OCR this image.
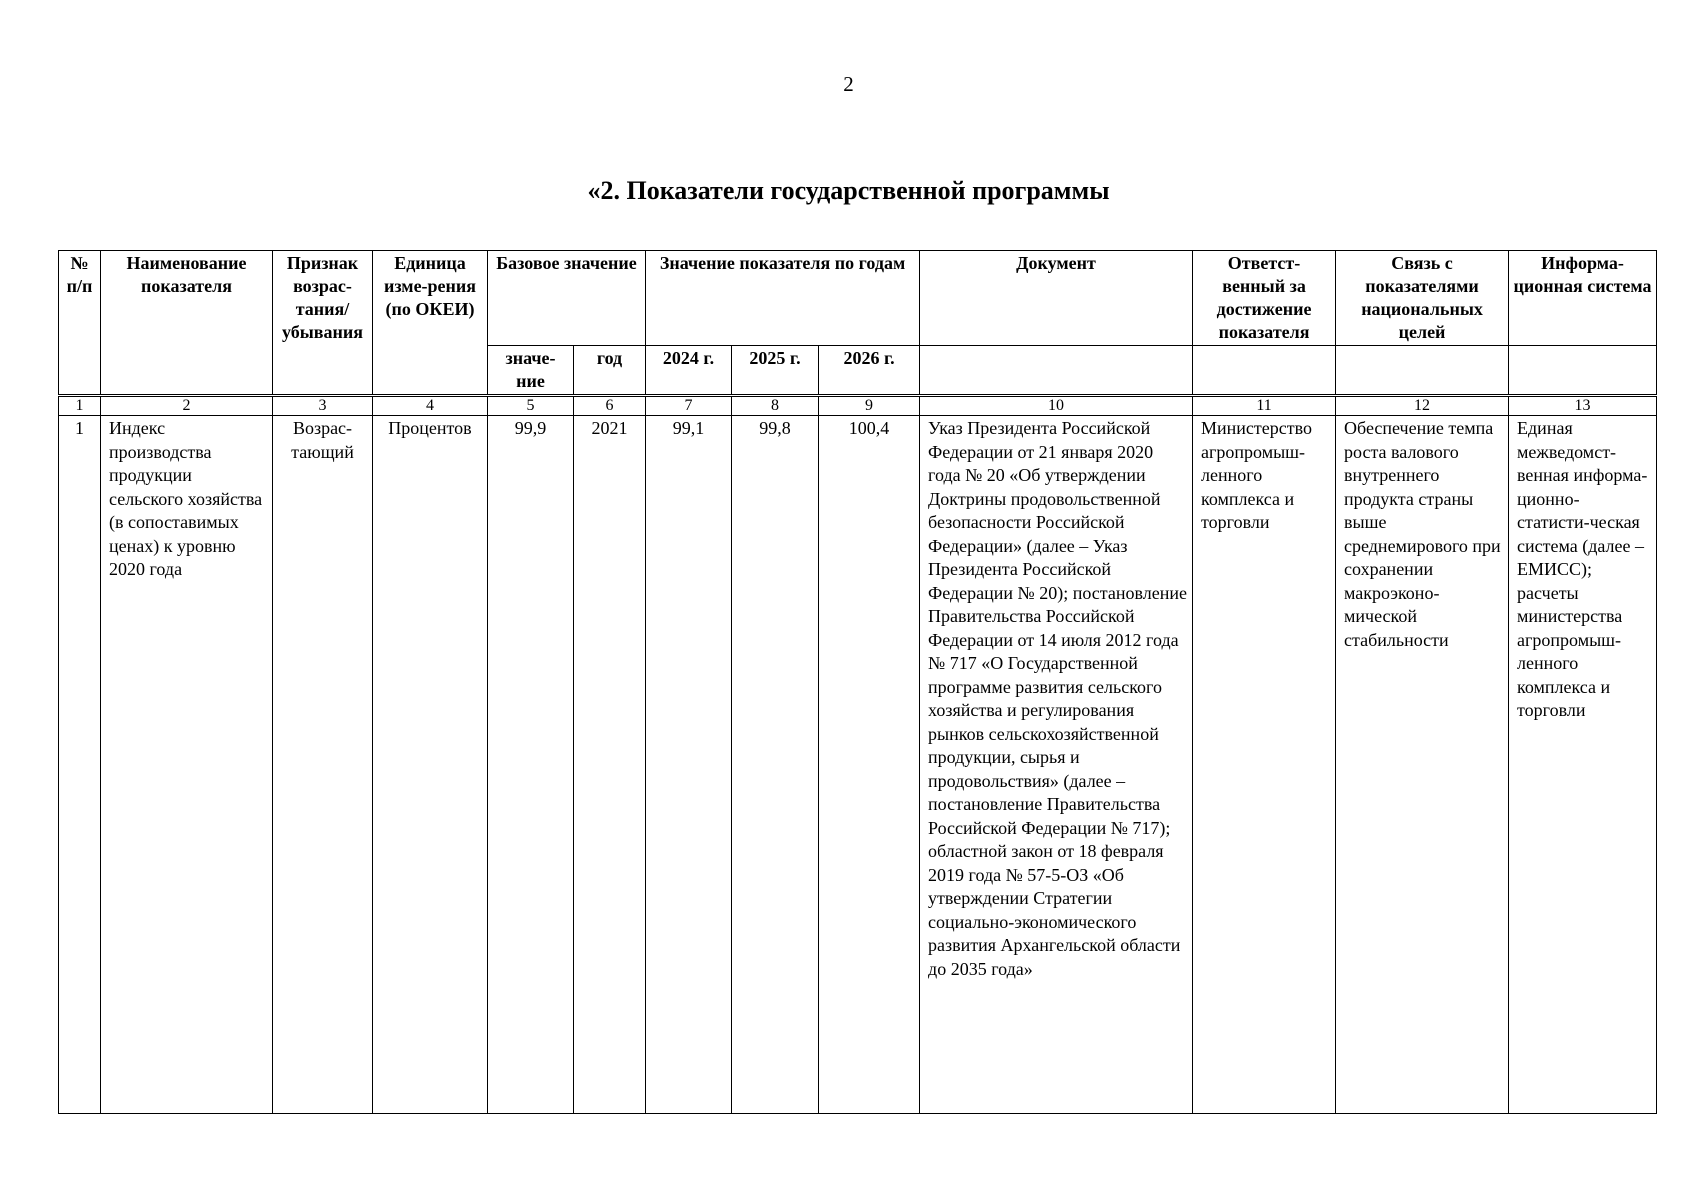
2
«2. Показатели государственной программы
№ п/п	Наименование показателя	Признак возрас-тания/ убывания	Единица изме-рения (по ОКЕИ)	Базовое значение		Значение показателя по годам			Документ	Ответст-венный за достижение показателя	Связь с показателями национальных целей	Информа-ционная система
				значе-ние	год	2024 г.	2025 г.	2026 г.				
1	2	3	4	5	6	7	8	9	10	11	12	13
1	Индекс производства продукции сельского хозяйства (в сопоставимых ценах) к уровню 2020 года	Возрас-тающий	Процентов	99,9	2021	99,1	99,8	100,4	Указ Президента Российской Федерации от 21 января 2020 года № 20 «Об утверждении Доктрины продовольственной безопасности Российской Федерации» (далее – Указ Президента Российской Федерации № 20); постановление Правительства Российской Федерации от 14 июля 2012 года № 717 «О Государственной программе развития сельского хозяйства и регулирования рынков сельскохозяйственной продукции, сырья и продовольствия» (далее – постановление Правительства Российской Федерации № 717); областной закон от 18 февраля 2019 года № 57-5-ОЗ «Об утверждении Стратегии социально-экономического развития Архангельской области до 2035 года»	Министерство агропромыш-ленного комплекса и торговли	Обеспечение темпа роста валового внутреннего продукта страны выше среднемирового при сохранении макроэконо-мической стабильности	Единая межведомст-венная информа-ционно-статисти-ческая система (далее – ЕМИСС); расчеты министерства агропромыш-ленного комплекса и торговли
